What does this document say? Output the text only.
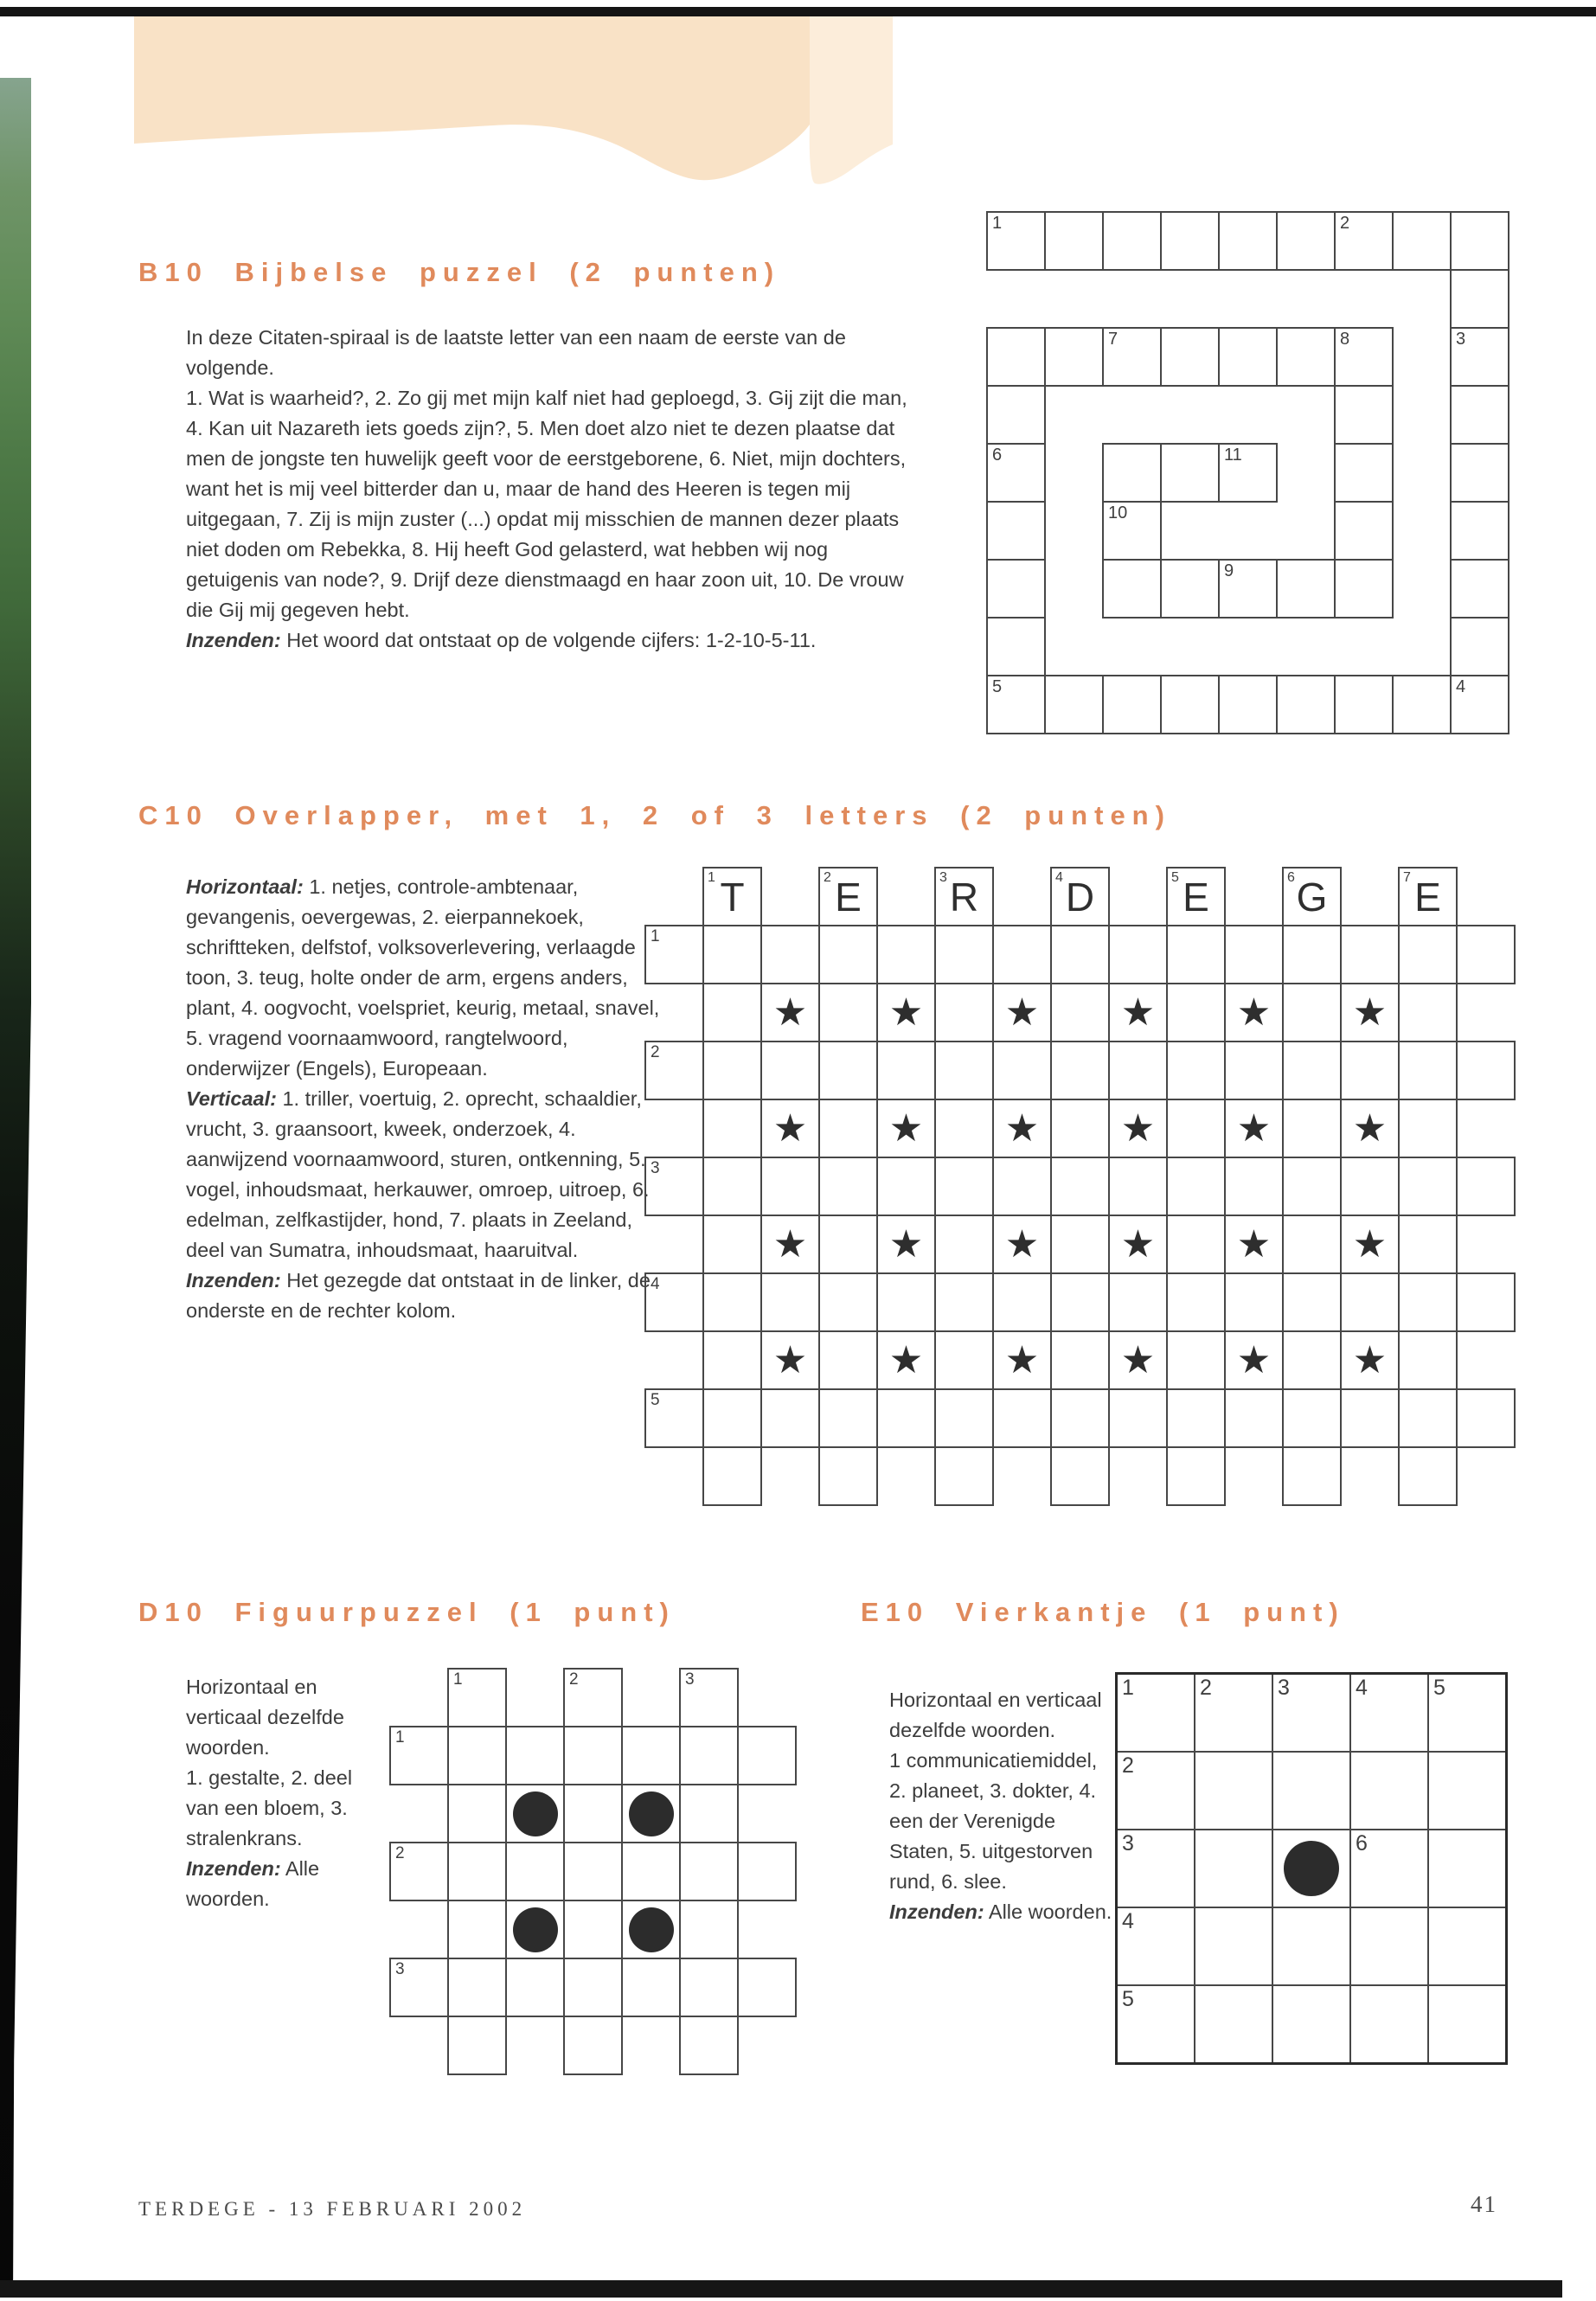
B10 Bijbelse puzzel (2 punten)

In deze Citaten-spiraal is de laatste letter van een naam de eerste van de volgende.

1. Wat is waarheid?, 2. Zo gij met mijn kalf niet had geploegd, 3. Gij zijt die man, 4. Kan uit Nazareth iets goeds zijn?, 5. Men doet alzo niet te dezen plaatse dat men de jongste ten huwelijk geeft voor de eerstgeborene, 6. Niet, mijn dochters, want het is mij veel bitterder dan u, maar de hand des Heeren is tegen mij uitgegaan, 7. Zij is mijn zuster (...) opdat mij misschien de mannen dezer plaats niet doden om Rebekka, 8. Hij heeft God gelasterd, wat hebben wij nog getuigenis van node?, 9. Drijf deze dienstmaagd en haar zoon uit, 10. De vrouw die Gij mij gegeven hebt.

Inzenden: Het woord dat ontstaat op de volgende cijfers: 1-2-10-5-11.

C10 Overlapper, met 1, 2 of 3 letters (2 punten)

Horizontaal: 1. netjes, controle-ambtenaar, gevangenis, oevergewas, 2. eierpannekoek, schriftteken, delfstof, volksoverlevering, verlaagde toon, 3. teug, holte onder de arm, ergens anders, plant, 4. oogvocht, voelspriet, keurig, metaal, snavel, 5. vragend voornaamwoord, rangtelwoord, onderwijzer (Engels), Europeaan.

Verticaal: 1. triller, voertuig, 2. oprecht, schaaldier, vrucht, 3. graansoort, kweek, onderzoek, 4. aanwijzend voornaamwoord, sturen, ontkenning, 5. vogel, inhoudsmaat, herkauwer, omroep, uitroep, 6. edelman, zelfkastijder, hond, 7. plaats in Zeeland, deel van Sumatra, inhoudsmaat, haaruitval.

Inzenden: Het gezegde dat ontstaat in de linker, de onderste en de rechter kolom.

D10 Figuurpuzzel (1 punt)

Horizontaal en verticaal dezelfde woorden.

1. gestalte, 2. deel van een bloem, 3. stralenkrans.

Inzenden: Alle woorden.

E10 Vierkantje (1 punt)

Horizontaal en verticaal dezelfde woorden.

1 communicatiemiddel, 2. planeet, 3. dokter, 4. een der Verenigde Staten, 5. uitgestorven rund, 6. slee.

Inzenden: Alle woorden.

TERDEGE - 13 FEBRUARI 2002	41
1	2
7	8	3
6	11
10
9
5	4
T
1	E
2	R
3	D
4	E
5	G
6	E
7
1
★ ★ ★ ★ ★ ★
2
★ ★ ★ ★ ★ ★
3
★ ★ ★ ★ ★ ★
4
★ ★ ★ ★ ★ ★
5
1	2	3
1
2
3
1	2	3	4	5
2
3	6
4
5
